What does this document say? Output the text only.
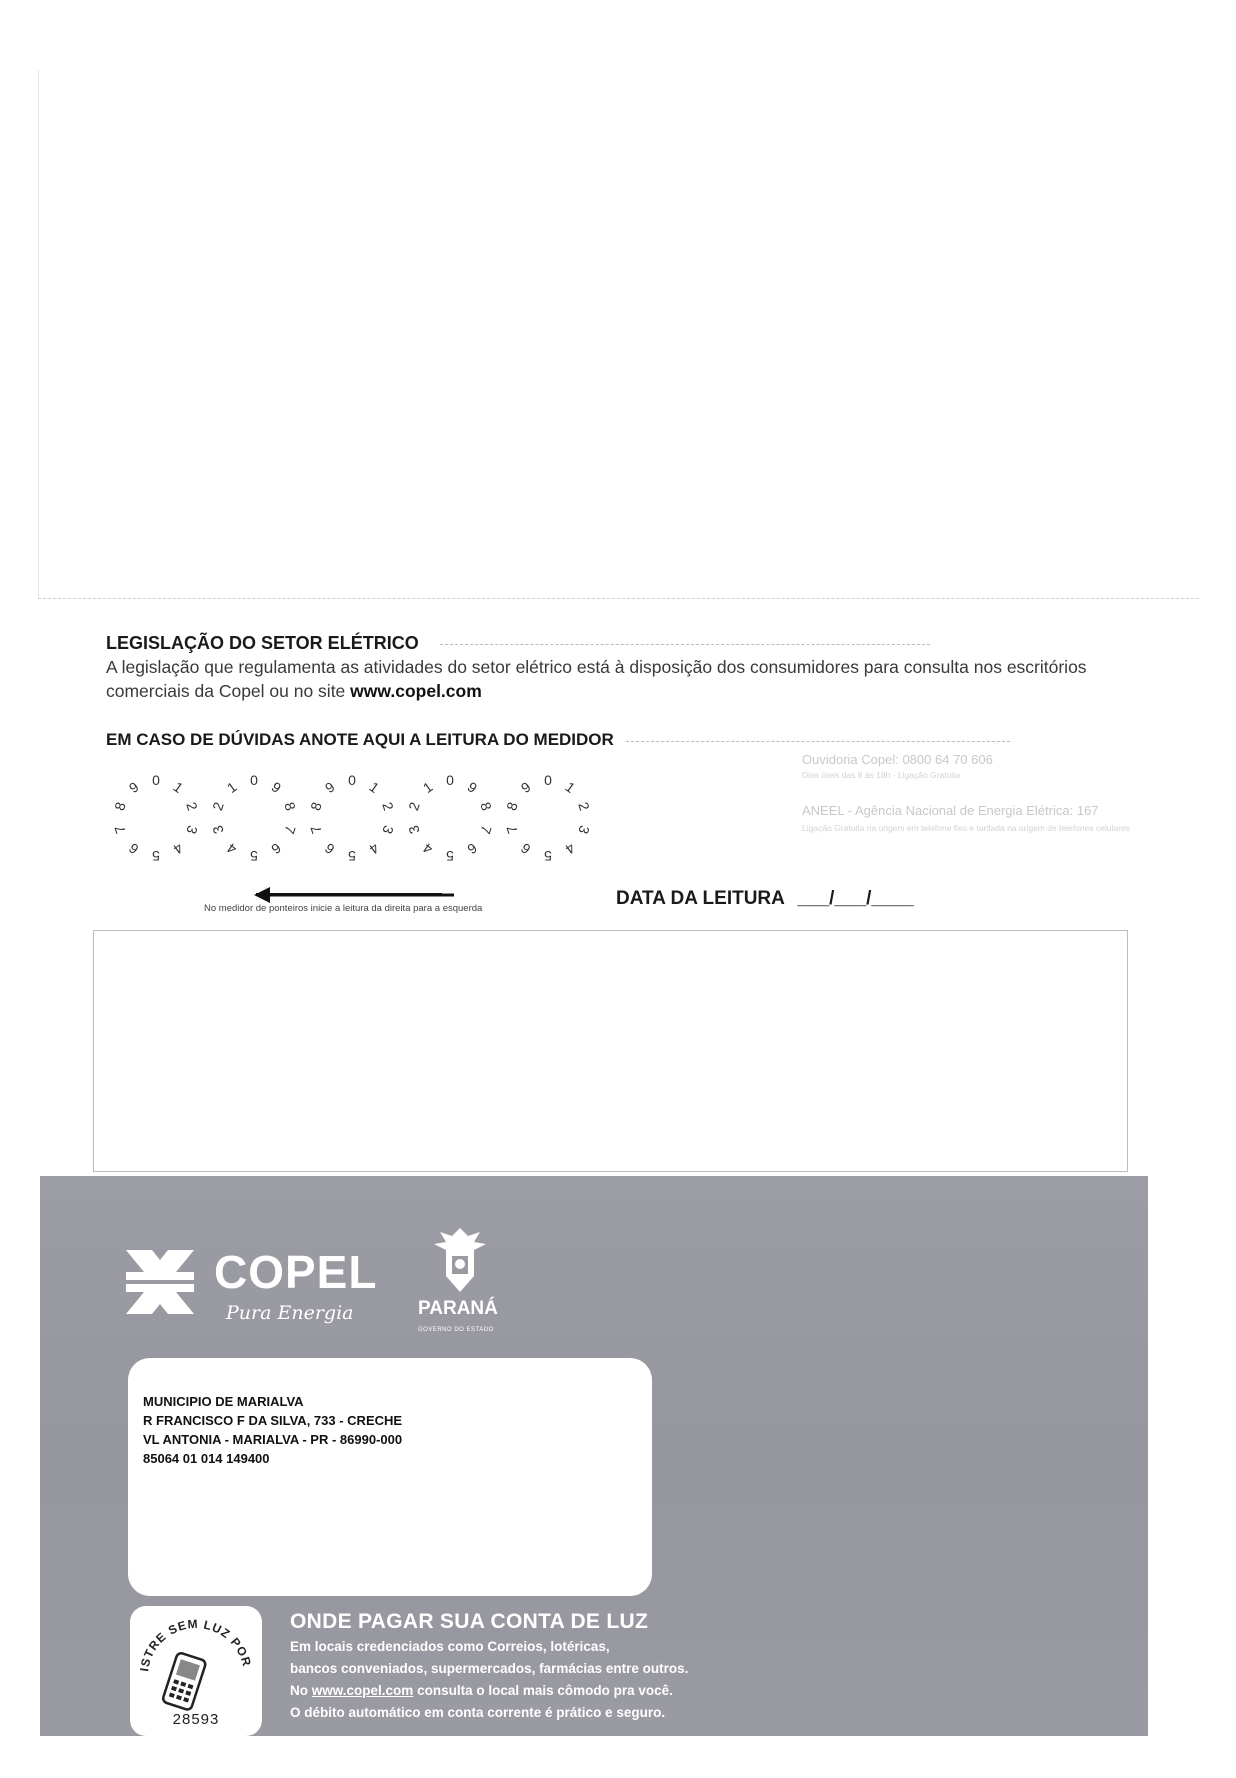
LEGISLAÇÃO DO SETOR ELÉTRICO
A legislação que regulamenta as atividades do setor elétrico está à disposição dos consumidores para consulta nos escritórios comerciais da Copel ou no site www.copel.com
EM CASO DE DÚVIDAS ANOTE AQUI A LEITURA DO MEDIDOR
Ouvidoria Copel: 0800 64 70 606
Dias úteis das 8 às 18h - Ligação Gratuita
ANEEL - Agência Nacional de Energia Elétrica: 167
Ligação Gratuita na origem em telefone fixo e tarifada na origem de telefones celulares
0 1
2
3
4
5
6
7
8
9	0
1
2
3
4 5 6
7
8
9	0 1
2
3
4
5
6
7
8
9	0
1
2
3
4 5 6
7
8
9	0 1
2
3
4
5
6
7
8
9
No medidor de ponteiros inicie a leitura da direita para a esquerda	DATA DA LEITURA ___/___/____
COPEL
Pura Energia	PARANÁ
GOVERNO DO ESTADO
MUNICIPIO DE MARIALVA
R FRANCISCO F DA SILVA, 733 - CRECHE
VL ANTONIA - MARIALVA - PR - 86990-000
85064 01 014 149400
ISTRE SEM LUZ POR
28593
ONDE PAGAR SUA CONTA DE LUZ
Em locais credenciados como Correios, lotéricas,
bancos conveniados, supermercados, farmácias entre outros.
No www.copel.com consulta o local mais cômodo pra você.
O débito automático em conta corrente é prático e seguro.
